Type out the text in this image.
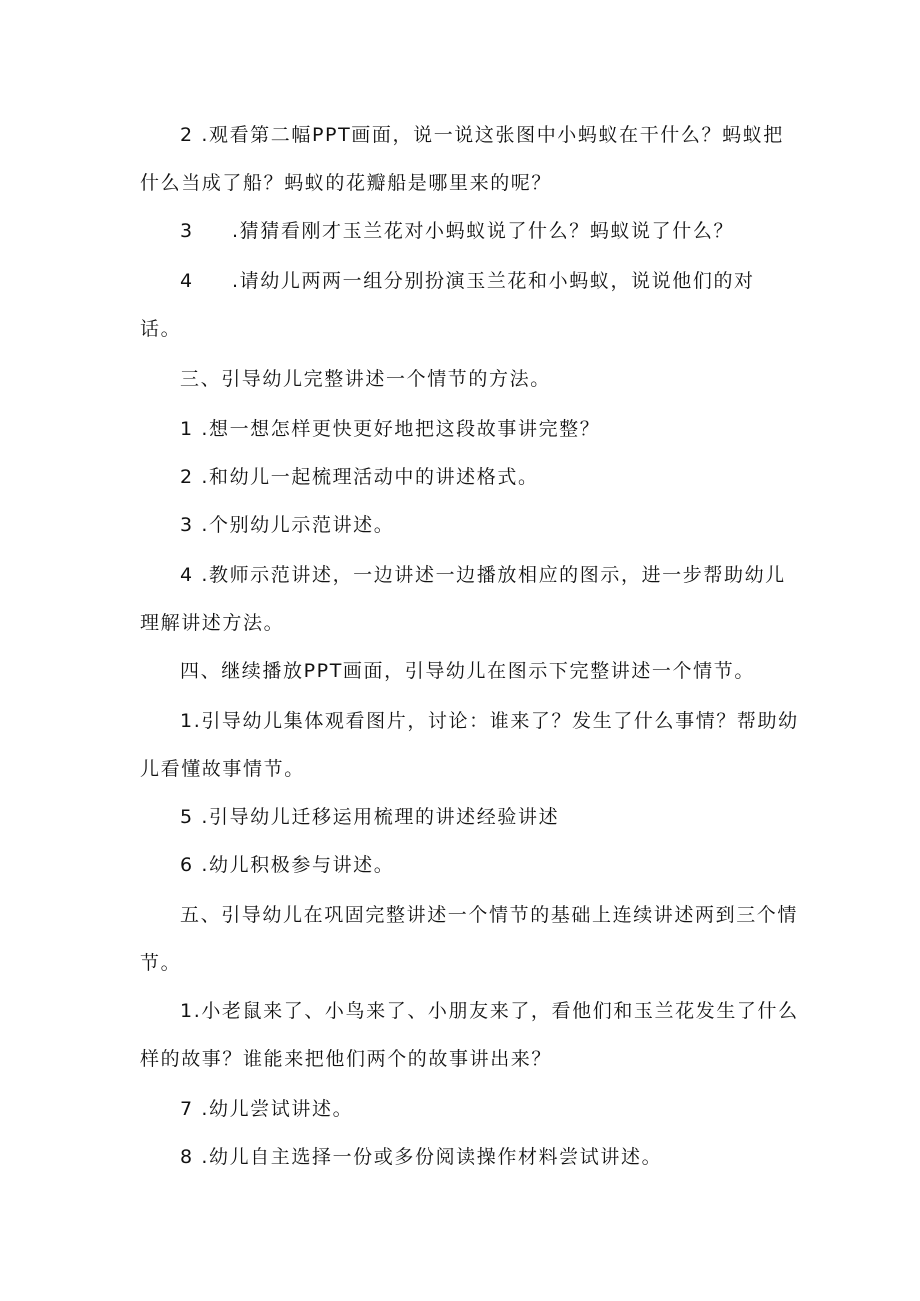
2 .观看第二幅PPT画面，说一说这张图中小蚂蚁在干什么？蚂蚁把
什么当成了船？蚂蚁的花瓣船是哪里来的呢？
3 .猜猜看刚才玉兰花对小蚂蚁说了什么？蚂蚁说了什么？
4 .请幼儿两两一组分别扮演玉兰花和小蚂蚁，说说他们的对
话。
三、引导幼儿完整讲述一个情节的方法。
1 .想一想怎样更快更好地把这段故事讲完整？
2 .和幼儿一起梳理活动中的讲述格式。
3 .个别幼儿示范讲述。
4 .教师示范讲述，一边讲述一边播放相应的图示，进一步帮助幼儿
理解讲述方法。
四、继续播放PPT画面，引导幼儿在图示下完整讲述一个情节。
1.引导幼儿集体观看图片，讨论：谁来了？发生了什么事情？帮助幼
儿看懂故事情节。
5 .引导幼儿迁移运用梳理的讲述经验讲述
6 .幼儿积极参与讲述。
五、引导幼儿在巩固完整讲述一个情节的基础上连续讲述两到三个情
节。
1.小老鼠来了、小鸟来了、小朋友来了，看他们和玉兰花发生了什么
样的故事？谁能来把他们两个的故事讲出来？
7 .幼儿尝试讲述。
8 .幼儿自主选择一份或多份阅读操作材料尝试讲述。
